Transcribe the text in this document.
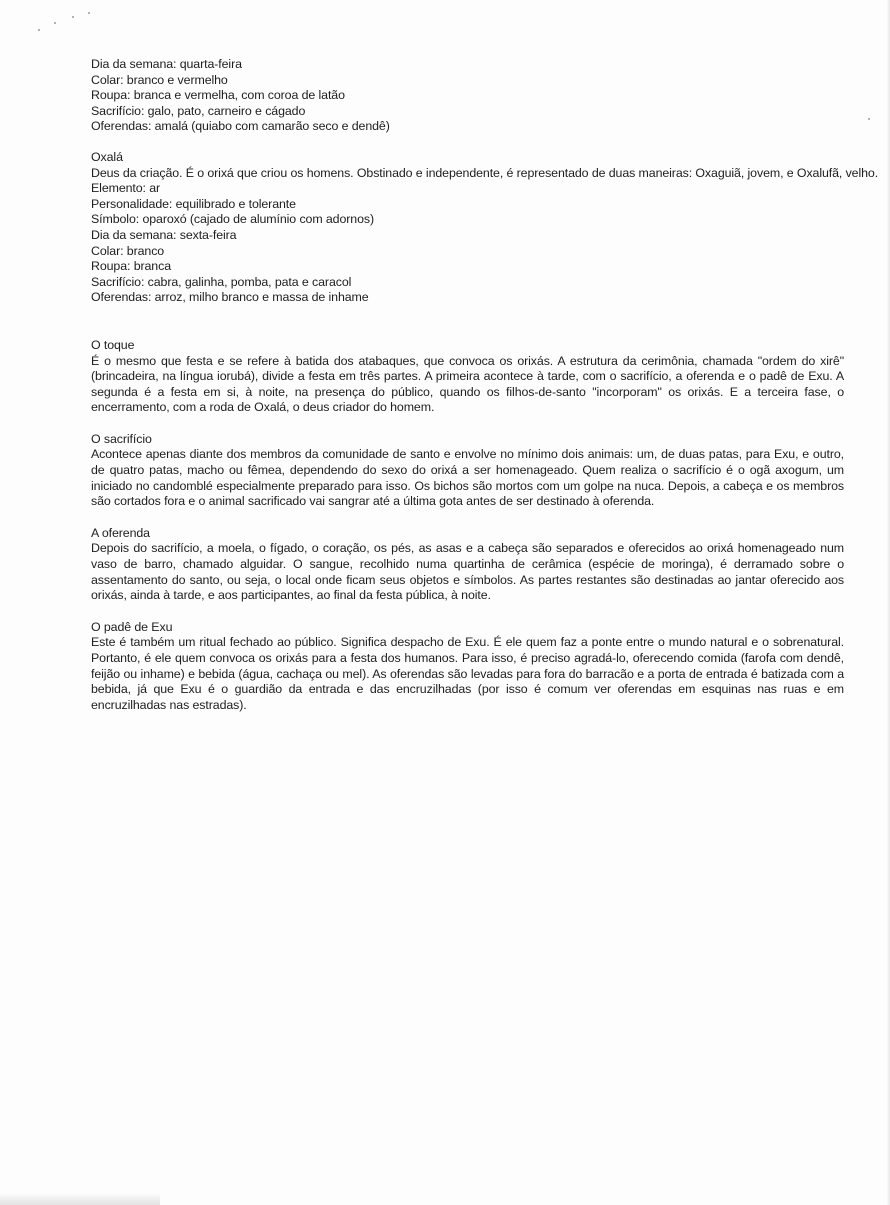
Dia da semana: quarta-feira
Colar: branco e vermelho
Roupa: branca e vermelha, com coroa de latão
Sacrifício: galo, pato, carneiro e cágado
Oferendas: amalá (quiabo com camarão seco e dendê)
Oxalá
Deus da criação. É o orixá que criou os homens. Obstinado e independente, é representado de duas maneiras: Oxaguiã, jovem, e Oxalufã, velho.
Elemento: ar
Personalidade: equilibrado e tolerante
Símbolo: oparoxó (cajado de alumínio com adornos)
Dia da semana: sexta-feira
Colar: branco
Roupa: branca
Sacrifício: cabra, galinha, pomba, pata e caracol
Oferendas: arroz, milho branco e massa de inhame
O toque
É o mesmo que festa e se refere à batida dos atabaques, que convoca os orixás. A estrutura da cerimônia, chamada "ordem do xirê" (brincadeira, na língua iorubá), divide a festa em três partes. A primeira acontece à tarde, com o sacrifício, a oferenda e o padê de Exu. A segunda é a festa em si, à noite, na presença do público, quando os filhos-de-santo "incorporam" os orixás. E a terceira fase, o encerramento, com a roda de Oxalá, o deus criador do homem.
O sacrifício
Acontece apenas diante dos membros da comunidade de santo e envolve no mínimo dois animais: um, de duas patas, para Exu, e outro, de quatro patas, macho ou fêmea, dependendo do sexo do orixá a ser homenageado. Quem realiza o sacrifício é o ogã axogum, um iniciado no candomblé especialmente preparado para isso. Os bichos são mortos com um golpe na nuca. Depois, a cabeça e os membros são cortados fora e o animal sacrificado vai sangrar até a última gota antes de ser destinado à oferenda.
A oferenda
Depois do sacrifício, a moela, o fígado, o coração, os pés, as asas e a cabeça são separados e oferecidos ao orixá homenageado num vaso de barro, chamado alguidar. O sangue, recolhido numa quartinha de cerâmica (espécie de moringa), é derramado sobre o assentamento do santo, ou seja, o local onde ficam seus objetos e símbolos. As partes restantes são destinadas ao jantar oferecido aos orixás, ainda à tarde, e aos participantes, ao final da festa pública, à noite.
O padê de Exu
Este é também um ritual fechado ao público. Significa despacho de Exu. É ele quem faz a ponte entre o mundo natural e o sobrenatural. Portanto, é ele quem convoca os orixás para a festa dos humanos. Para isso, é preciso agradá-lo, oferecendo comida (farofa com dendê, feijão ou inhame) e bebida (água, cachaça ou mel). As oferendas são levadas para fora do barracão e a porta de entrada é batizada com a bebida, já que Exu é o guardião da entrada e das encruzilhadas (por isso é comum ver oferendas em esquinas nas ruas e em encruzilhadas nas estradas).
